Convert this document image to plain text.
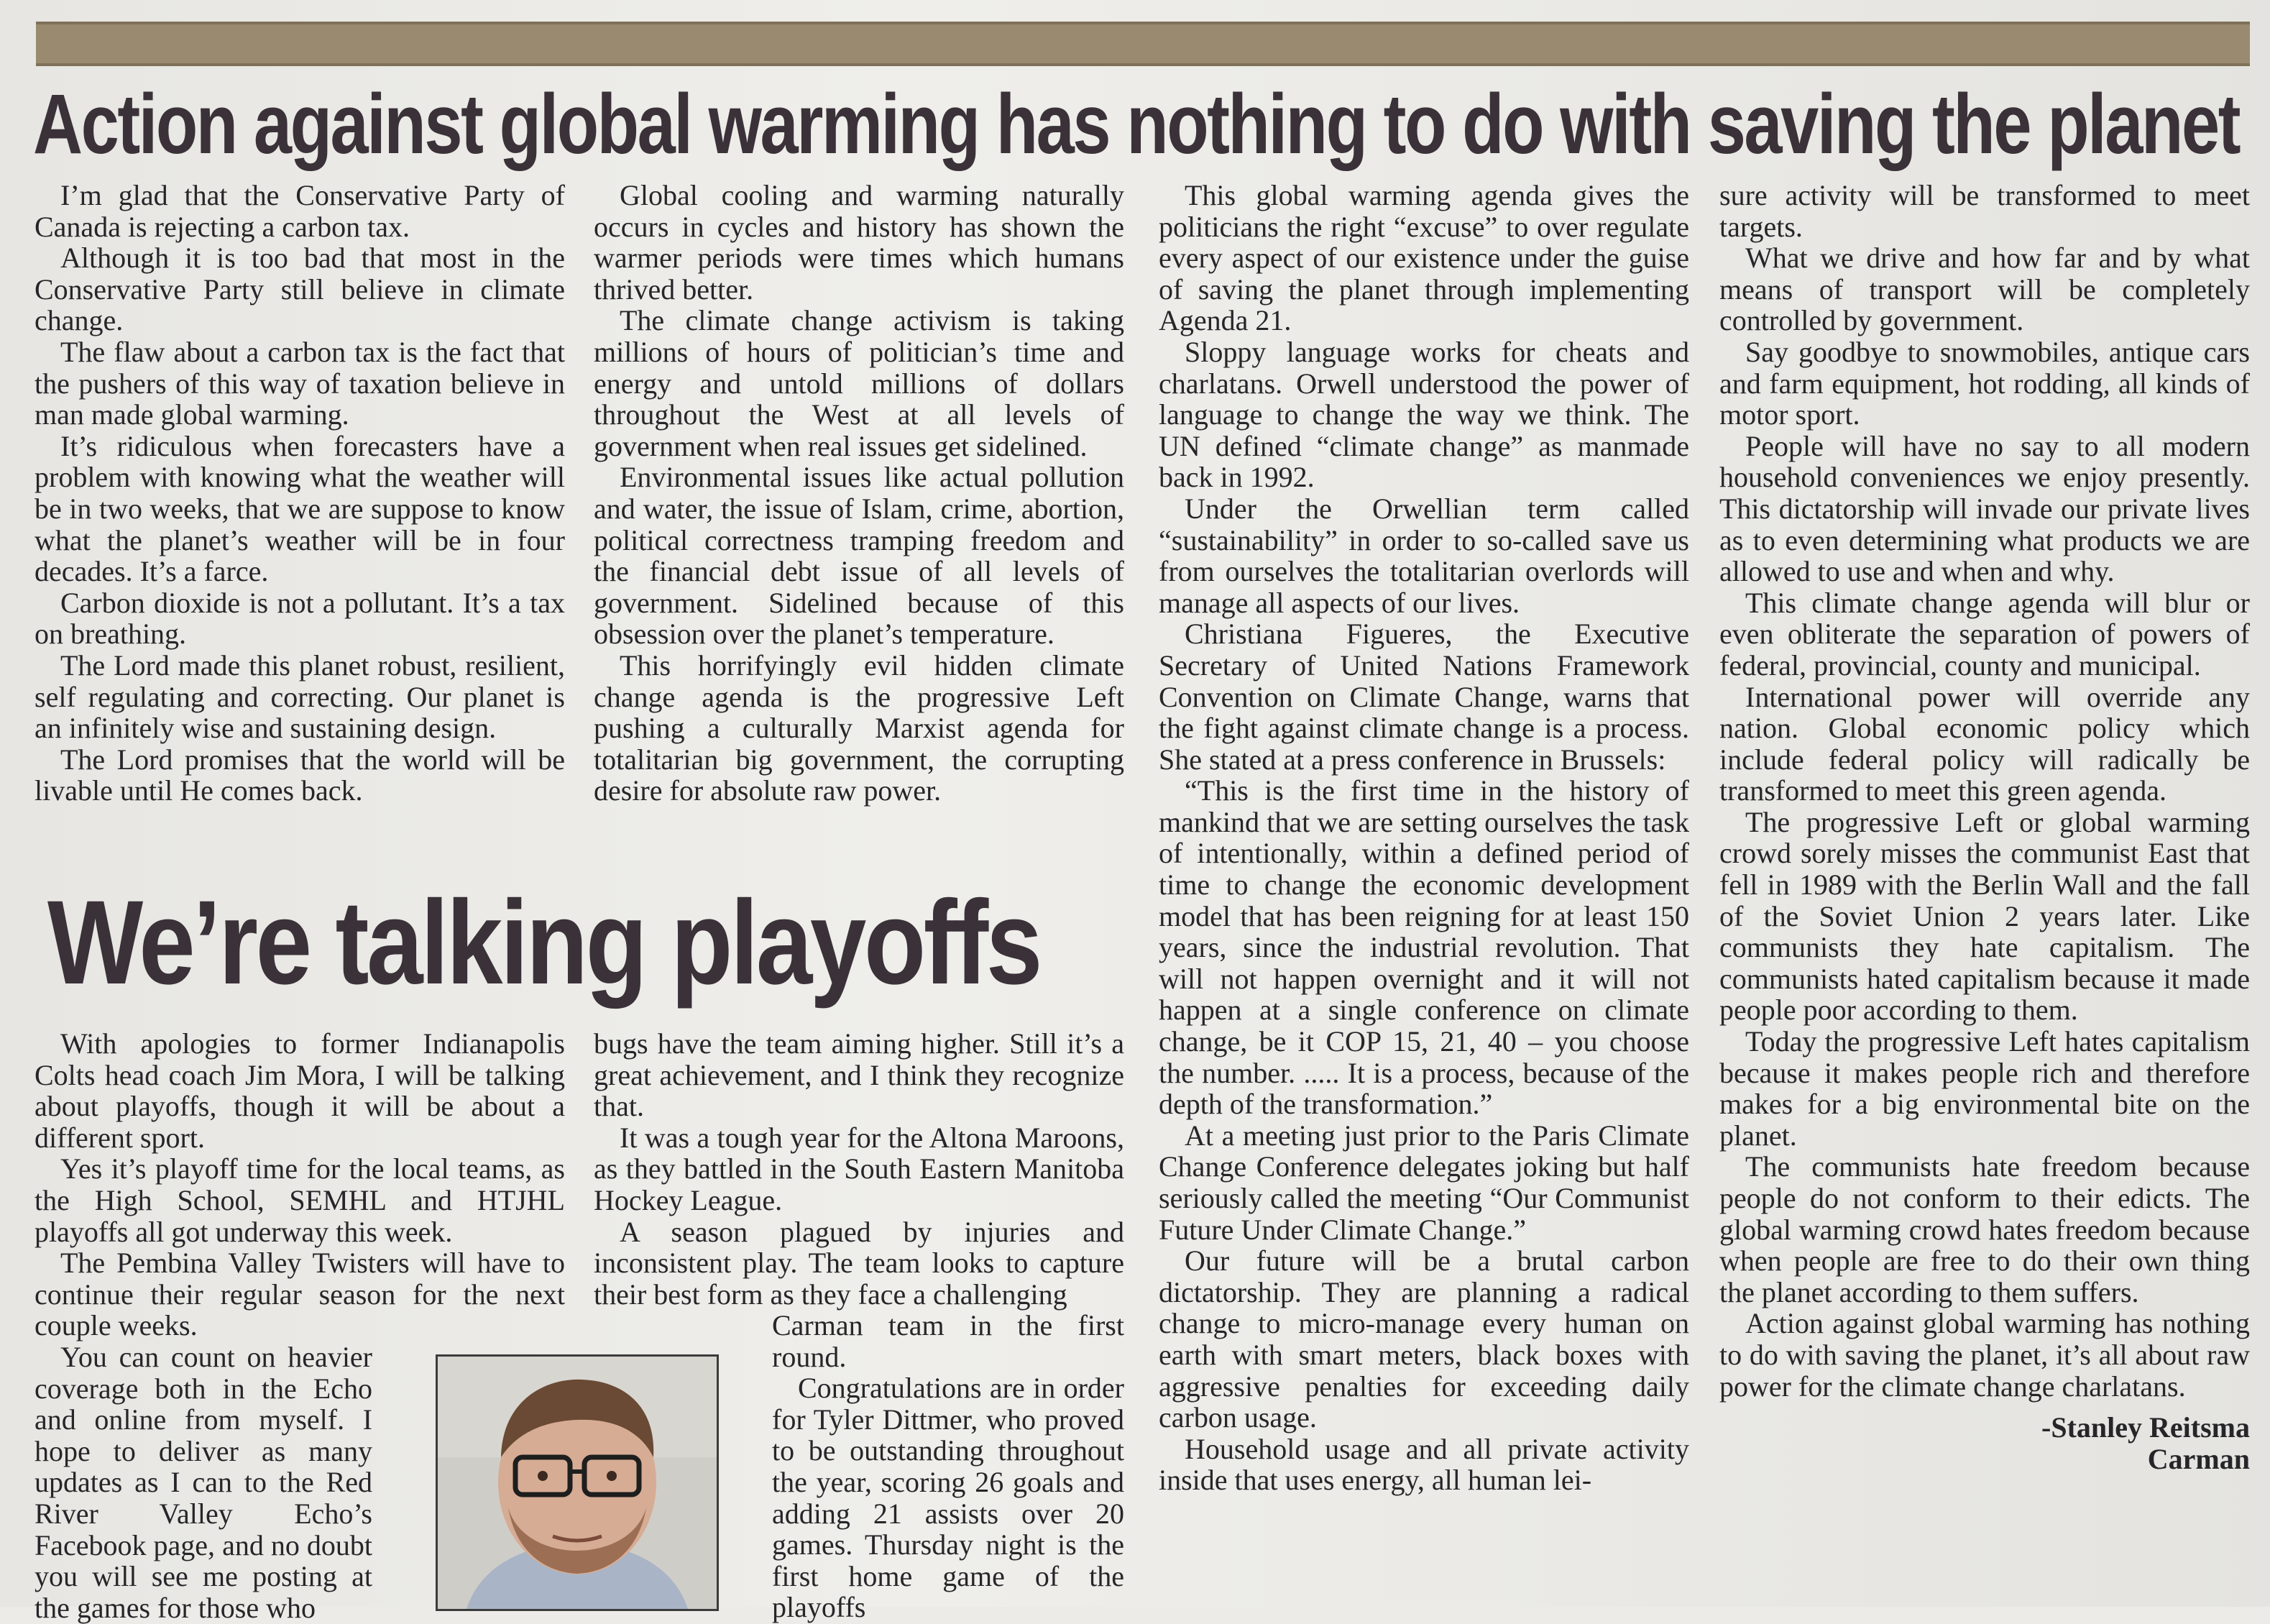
Action against global warming has nothing to do with saving the planet

I’m glad that the Conservative Party of Canada is rejecting a carbon tax.

Although it is too bad that most in the Conservative Party still believe in climate change.

The flaw about a carbon tax is the fact that the pushers of this way of taxation believe in man made global warming.

It’s ridiculous when forecasters have a problem with knowing what the weather will be in two weeks, that we are suppose to know what the planet’s weather will be in four decades. It’s a farce.

Carbon dioxide is not a pollutant. It’s a tax on breathing.

The Lord made this planet robust, resilient, self regulating and correcting. Our planet is an infinitely wise and sustaining design.

The Lord promises that the world will be livable until He comes back.

Global cooling and warming naturally occurs in cycles and history has shown the warmer periods were times which humans thrived better.

The climate change activism is taking millions of hours of politician’s time and energy and untold millions of dollars throughout the West at all levels of government when real issues get sidelined.

Environmental issues like actual pollution and water, the issue of Islam, crime, abortion, political correctness tramping freedom and the financial debt issue of all levels of government. Sidelined because of this obsession over the planet’s temperature.

This horrifyingly evil hidden climate change agenda is the progressive Left pushing a culturally Marxist agenda for totalitarian big government, the corrupting desire for absolute raw power.

This global warming agenda gives the politicians the right “excuse” to over regulate every aspect of our existence under the guise of saving the planet through implementing Agenda 21.

Sloppy language works for cheats and charlatans. Orwell understood the power of language to change the way we think. The UN defined “climate change” as manmade back in 1992.

Under the Orwellian term called “sustainability” in order to so-called save us from ourselves the totalitarian overlords will manage all aspects of our lives.

Christiana Figueres, the Executive Secretary of United Nations Framework Convention on Climate Change, warns that the fight against climate change is a process. She stated at a press conference in Brussels:

“This is the first time in the history of mankind that we are setting ourselves the task of intentionally, within a defined period of time to change the economic development model that has been reigning for at least 150 years, since the industrial revolution. That will not happen overnight and it will not happen at a single conference on climate change, be it COP 15, 21, 40 – you choose the number. ..... It is a process, because of the depth of the transformation.”

At a meeting just prior to the Paris Climate Change Conference delegates joking but half seriously called the meeting “Our Communist Future Under Climate Change.”

Our future will be a brutal carbon dictatorship. They are planning a radical change to micro-manage every human on earth with smart meters, black boxes with aggressive penalties for exceeding daily carbon usage.

Household usage and all private activity inside that uses energy, all human lei-

sure activity will be transformed to meet targets.

What we drive and how far and by what means of transport will be completely controlled by government.

Say goodbye to snowmobiles, antique cars and farm equipment, hot rodding, all kinds of motor sport.

People will have no say to all modern household conveniences we enjoy presently. This dictatorship will invade our private lives as to even determining what products we are allowed to use and when and why.

This climate change agenda will blur or even obliterate the separation of powers of federal, provincial, county and municipal.

International power will override any nation. Global economic policy which include federal policy will radically be transformed to meet this green agenda.

The progressive Left or global warming crowd sorely misses the communist East that fell in 1989 with the Berlin Wall and the fall of the Soviet Union 2 years later. Like communists they hate capitalism. The communists hated capitalism because it made people poor according to them.

Today the progressive Left hates capitalism because it makes people rich and therefore makes for a big environmental bite on the planet.

The communists hate freedom because people do not conform to their edicts. The global warming crowd hates freedom because when people are free to do their own thing the planet according to them suffers.

Action against global warming has nothing to do with saving the planet, it’s all about raw power for the climate change charlatans.

-Stanley Reitsma

Carman

We’re talking playoffs

With apologies to former Indianapolis Colts head coach Jim Mora, I will be talking about playoffs, though it will be about a different sport.

Yes it’s playoff time for the local teams, as the High School, SEMHL and HTJHL playoffs all got underway this week.

The Pembina Valley Twisters will have to continue their regular season for the next couple weeks.

You can count on heavier coverage both in the Echo and online from myself. I hope to deliver as many updates as I can to the Red River Valley Echo’s Facebook page, and no doubt you will see me posting at the games for those who

bugs have the team aiming higher. Still it’s a great achievement, and I think they recognize that.

It was a tough year for the Altona Maroons, as they battled in the South Eastern Manitoba Hockey League.

A season plagued by injuries and inconsistent play. The team looks to capture their best form as they face a challenging

Carman team in the first round.

Congratulations are in order for Tyler Dittmer, who proved to be outstanding throughout the year, scoring 26 goals and adding 21 assists over 20 games. Thursday night is the first home game of the playoffs
